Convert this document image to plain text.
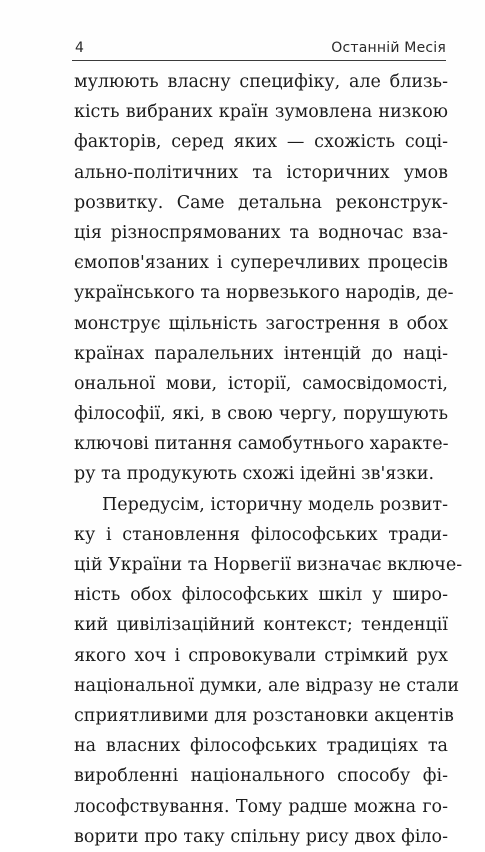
4	Останній Месія
мулюють власну специфіку, але близь-
кість вибраних країн зумовлена низкою
факторів, серед яких — схожість соці-
ально-політичних та історичних умов
розвитку. Саме детальна реконструк-
ція різноспрямованих та водночас вза-
ємопов'язаних і суперечливих процесів
українського та норвезького народів, де-
монструє щільність загострення в обох
країнах паралельних інтенцій до наці-
ональної мови, історії, самосвідомості,
філософії, які, в свою чергу, порушують
ключові питання самобутнього характе-
ру та продукують схожі ідейні зв'язки.
Передусім, історичну модель розвит-
ку і становлення філософських тради-
цій України та Норвегії визначає включе-
ність обох філософських шкіл у широ-
кий цивілізаційний контекст; тенденції
якого хоч і спровокували стрімкий рух
національної думки, але відразу не стали
сприятливими для розстановки акцентів
на власних філософських традиціях та
виробленні національного способу фі-
лософствування. Тому радше можна го-
ворити про таку спільну рису двох філо-
